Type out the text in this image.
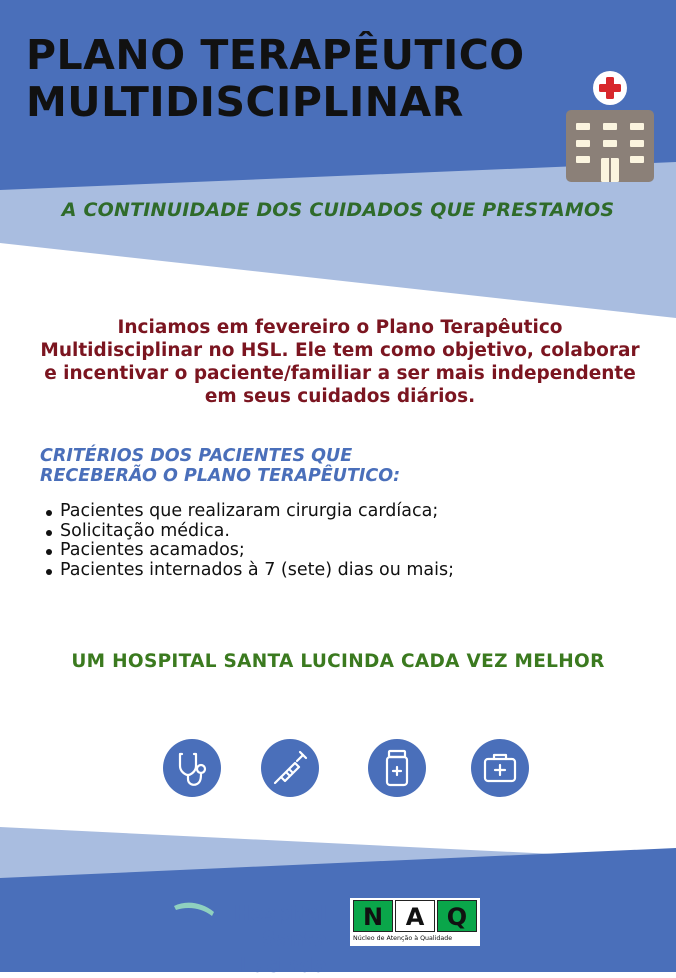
PLANO TERAPÊUTICO
MULTIDISCIPLINAR
A CONTINUIDADE DOS CUIDADOS QUE PRESTAMOS

Inciamos em fevereiro o Plano Terapêutico Multidisciplinar no HSL. Ele tem como objetivo, colaborar e incentivar o paciente/familiar a ser mais independente em seus cuidados diários.

CRITÉRIOS DOS PACIENTES QUE
RECEBERÃO O PLANO TERAPÊUTICO:
Pacientes que realizaram cirurgia cardíaca;
Solicitação médica.
Pacientes acamados;
Pacientes internados à 7 (sete) dias ou mais;
UM HOSPITAL SANTA LUCINDA CADA VEZ MELHOR
Hospital
Santa Lucinda
N A Q
Núcleo de Atenção à Qualidade
